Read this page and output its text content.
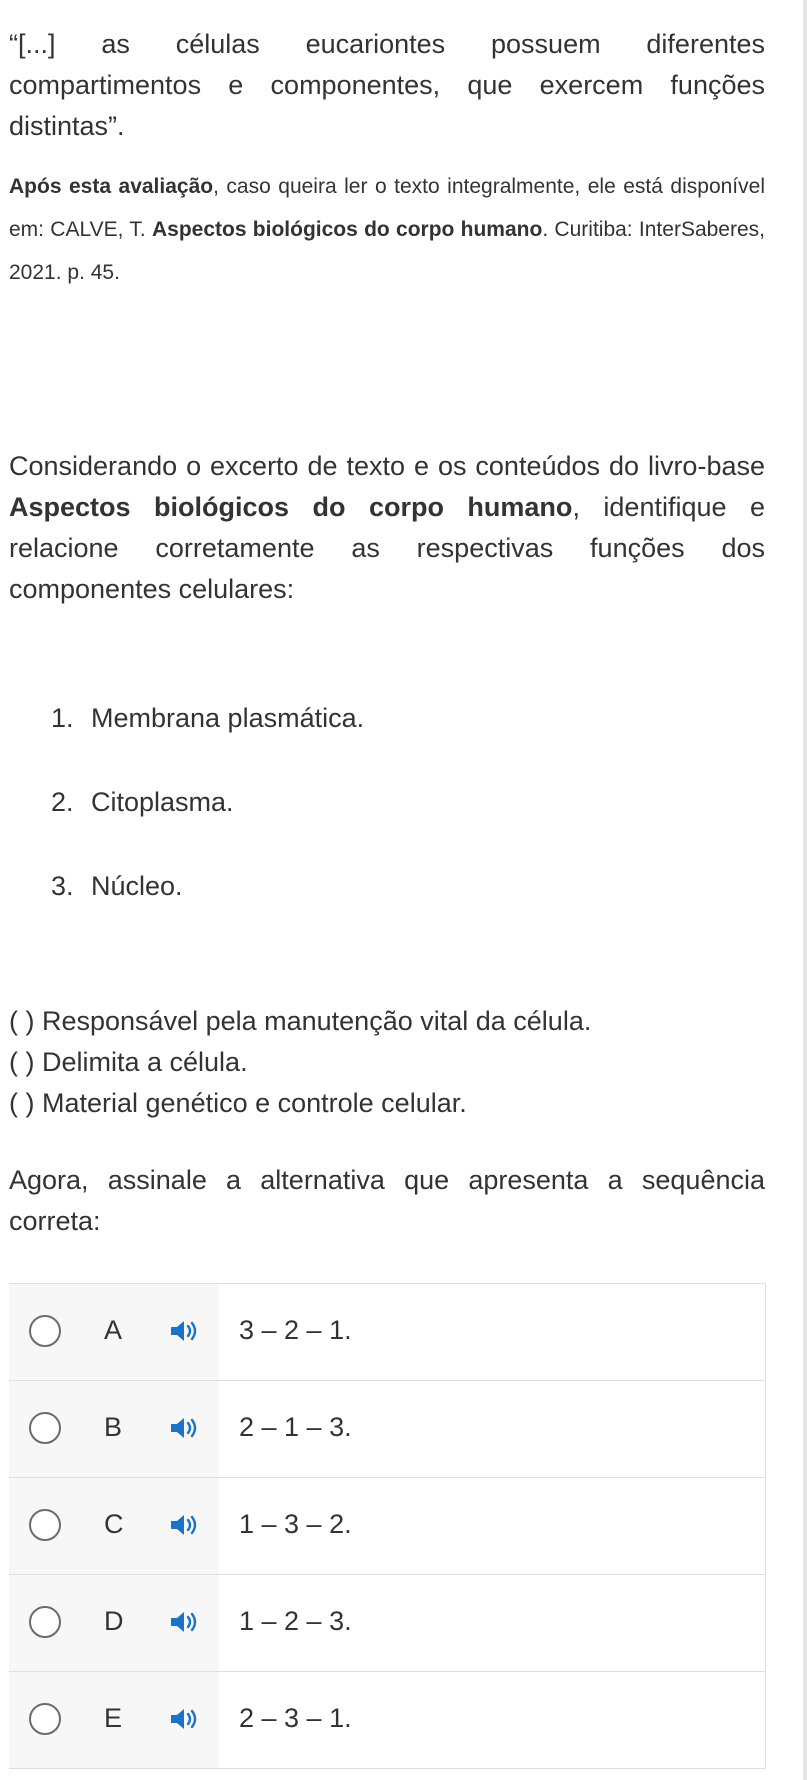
“[...] as células eucariontes possuem diferentes compartimentos e componentes, que exercem funções distintas”.

Após esta avaliação, caso queira ler o texto integralmente, ele está disponível em: CALVE, T. Aspectos biológicos do corpo humano. Curitiba: InterSaberes, 2021. p. 45.

Considerando o excerto de texto e os conteúdos do livro-base Aspectos biológicos do corpo humano, identifique e relacione corretamente as respectivas funções dos componentes celulares:

1. Membrana plasmática.
2. Citoplasma.
3. Núcleo.
( ) Responsável pela manutenção vital da célula.
( ) Delimita a célula.
( ) Material genético e controle celular.

Agora, assinale a alternativa que apresenta a sequência correta:

A	3 – 2 – 1.
B	2 – 1 – 3.
C	1 – 3 – 2.
D	1 – 2 – 3.
E	2 – 3 – 1.
